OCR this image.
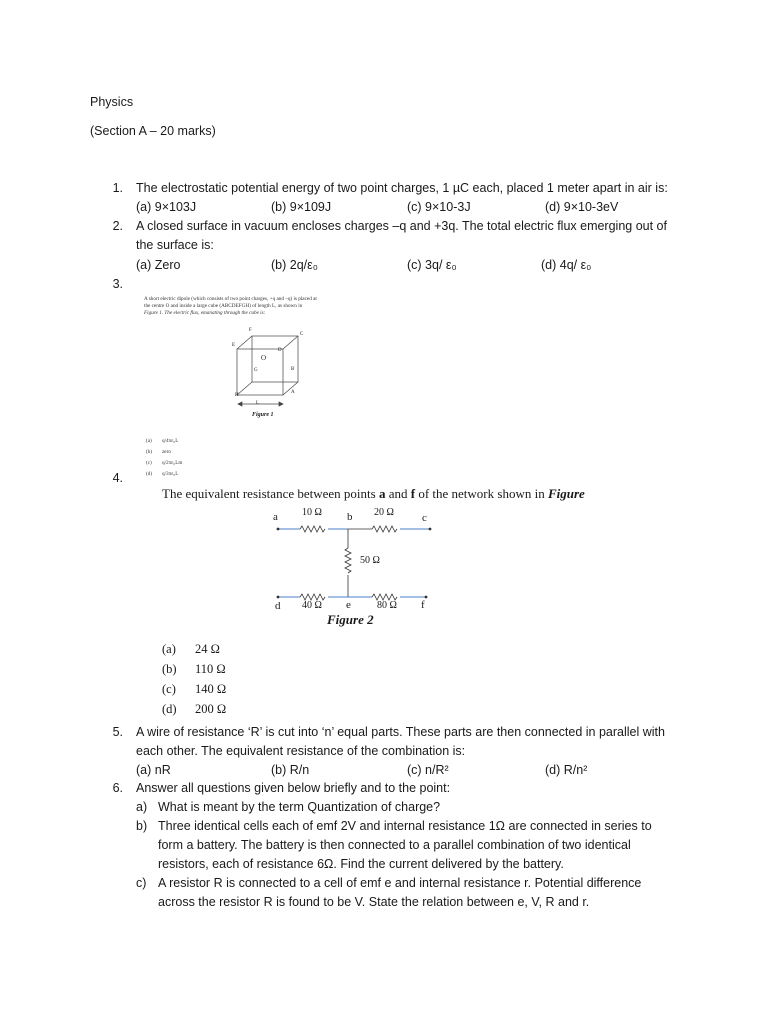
Physics
(Section A – 20 marks)
1. The electrostatic potential energy of two point charges, 1 µC each, placed 1 meter apart in air is:
(a) 9×103J	(b) 9×109J	(c) 9×10-3J	(d) 9×10-3eV
2. A closed surface in vacuum encloses charges –q and +3q. The total electric flux emerging out of
the surface is:
(a) Zero	(b) 2q/ε₀	(c) 3q/ ε₀	(d) 4q/ ε₀
3.
A short electric dipole (which consists of two point charges, +q and –q) is placed at
the centre O and inside a large cube (ABCDEFGH) of length L, as shown in
Figure 1. The electric flux, emanating through the cube is:
O
L
E
F
D
C
G	B
H
A
Figure 1
(a) q/4πε₀L
(b) zero
(c) q/2πε₀Lm
(d) q/3πε₀L
4.
The equivalent resistance between points a and f of the network shown in Figure
a	b	c
d	e	f
10 Ω	20 Ω
50 Ω
40 Ω	80 Ω
Figure 2
(a) 24 Ω
(b) 110 Ω
(c) 140 Ω
(d) 200 Ω
5. A wire of resistance ‘R’ is cut into ‘n’ equal parts. These parts are then connected in parallel with
each other. The equivalent resistance of the combination is:
(a) nR	(b) R/n	(c) n/R²	(d) R/n²
6. Answer all questions given below briefly and to the point:
a) What is meant by the term Quantization of charge?
b) Three identical cells each of emf 2V and internal resistance 1Ω are connected in series to
form a battery. The battery is then connected to a parallel combination of two identical
resistors, each of resistance 6Ω. Find the current delivered by the battery.
c) A resistor R is connected to a cell of emf e and internal resistance r. Potential difference
across the resistor R is found to be V. State the relation between e, V, R and r.
